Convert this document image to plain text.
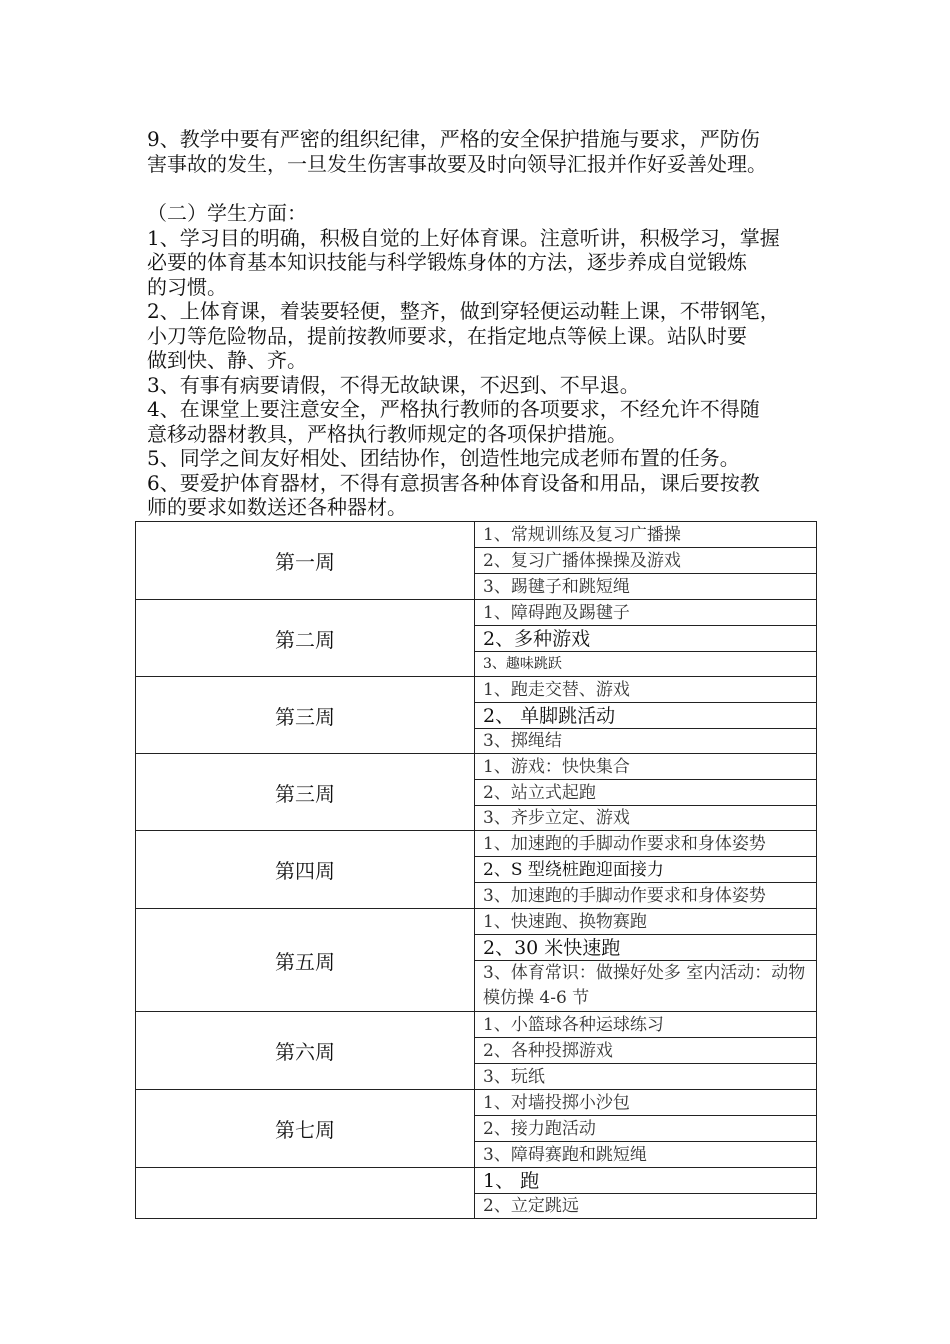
9、教学中要有严密的组织纪律，严格的安全保护措施与要求，严防伤
害事故的发生，一旦发生伤害事故要及时向领导汇报并作好妥善处理。
（二）学生方面：
1、学习目的明确，积极自觉的上好体育课。注意听讲，积极学习，掌握
必要的体育基本知识技能与科学锻炼身体的方法，逐步养成自觉锻炼
的习惯。
2、上体育课，着装要轻便，整齐，做到穿轻便运动鞋上课，不带钢笔，
小刀等危险物品，提前按教师要求，在指定地点等候上课。站队时要
做到快、静、齐。
3、有事有病要请假，不得无故缺课，不迟到、不早退。
4、在课堂上要注意安全，严格执行教师的各项要求，不经允许不得随
意移动器材教具，严格执行教师规定的各项保护措施。
5、同学之间友好相处、团结协作，创造性地完成老师布置的任务。
6、要爱护体育器材，不得有意损害各种体育设备和用品，课后要按教
师的要求如数送还各种器材。
第一周	1、常规训练及复习广播操
	2、复习广播体操操及游戏
	3、踢毽子和跳短绳
第二周	1、障碍跑及踢毽子
	2、多种游戏
	3、趣味跳跃
第三周	1、跑走交替、游戏
	2、 单脚跳活动
	3、掷绳结
第三周	1、游戏：快快集合
	2、站立式起跑
	3、齐步立定、游戏
第四周	1、加速跑的手脚动作要求和身体姿势
	2、S 型绕桩跑迎面接力
	3、加速跑的手脚动作要求和身体姿势
第五周	1、快速跑、换物赛跑
	2、30 米快速跑
	3、体育常识：做操好处多 室内活动：动物模仿操 4-6 节
第六周	1、小篮球各种运球练习
	2、各种投掷游戏
	3、玩纸
第七周	1、对墙投掷小沙包
	2、接力跑活动
	3、障碍赛跑和跳短绳
	1、 跑
	2、立定跳远
